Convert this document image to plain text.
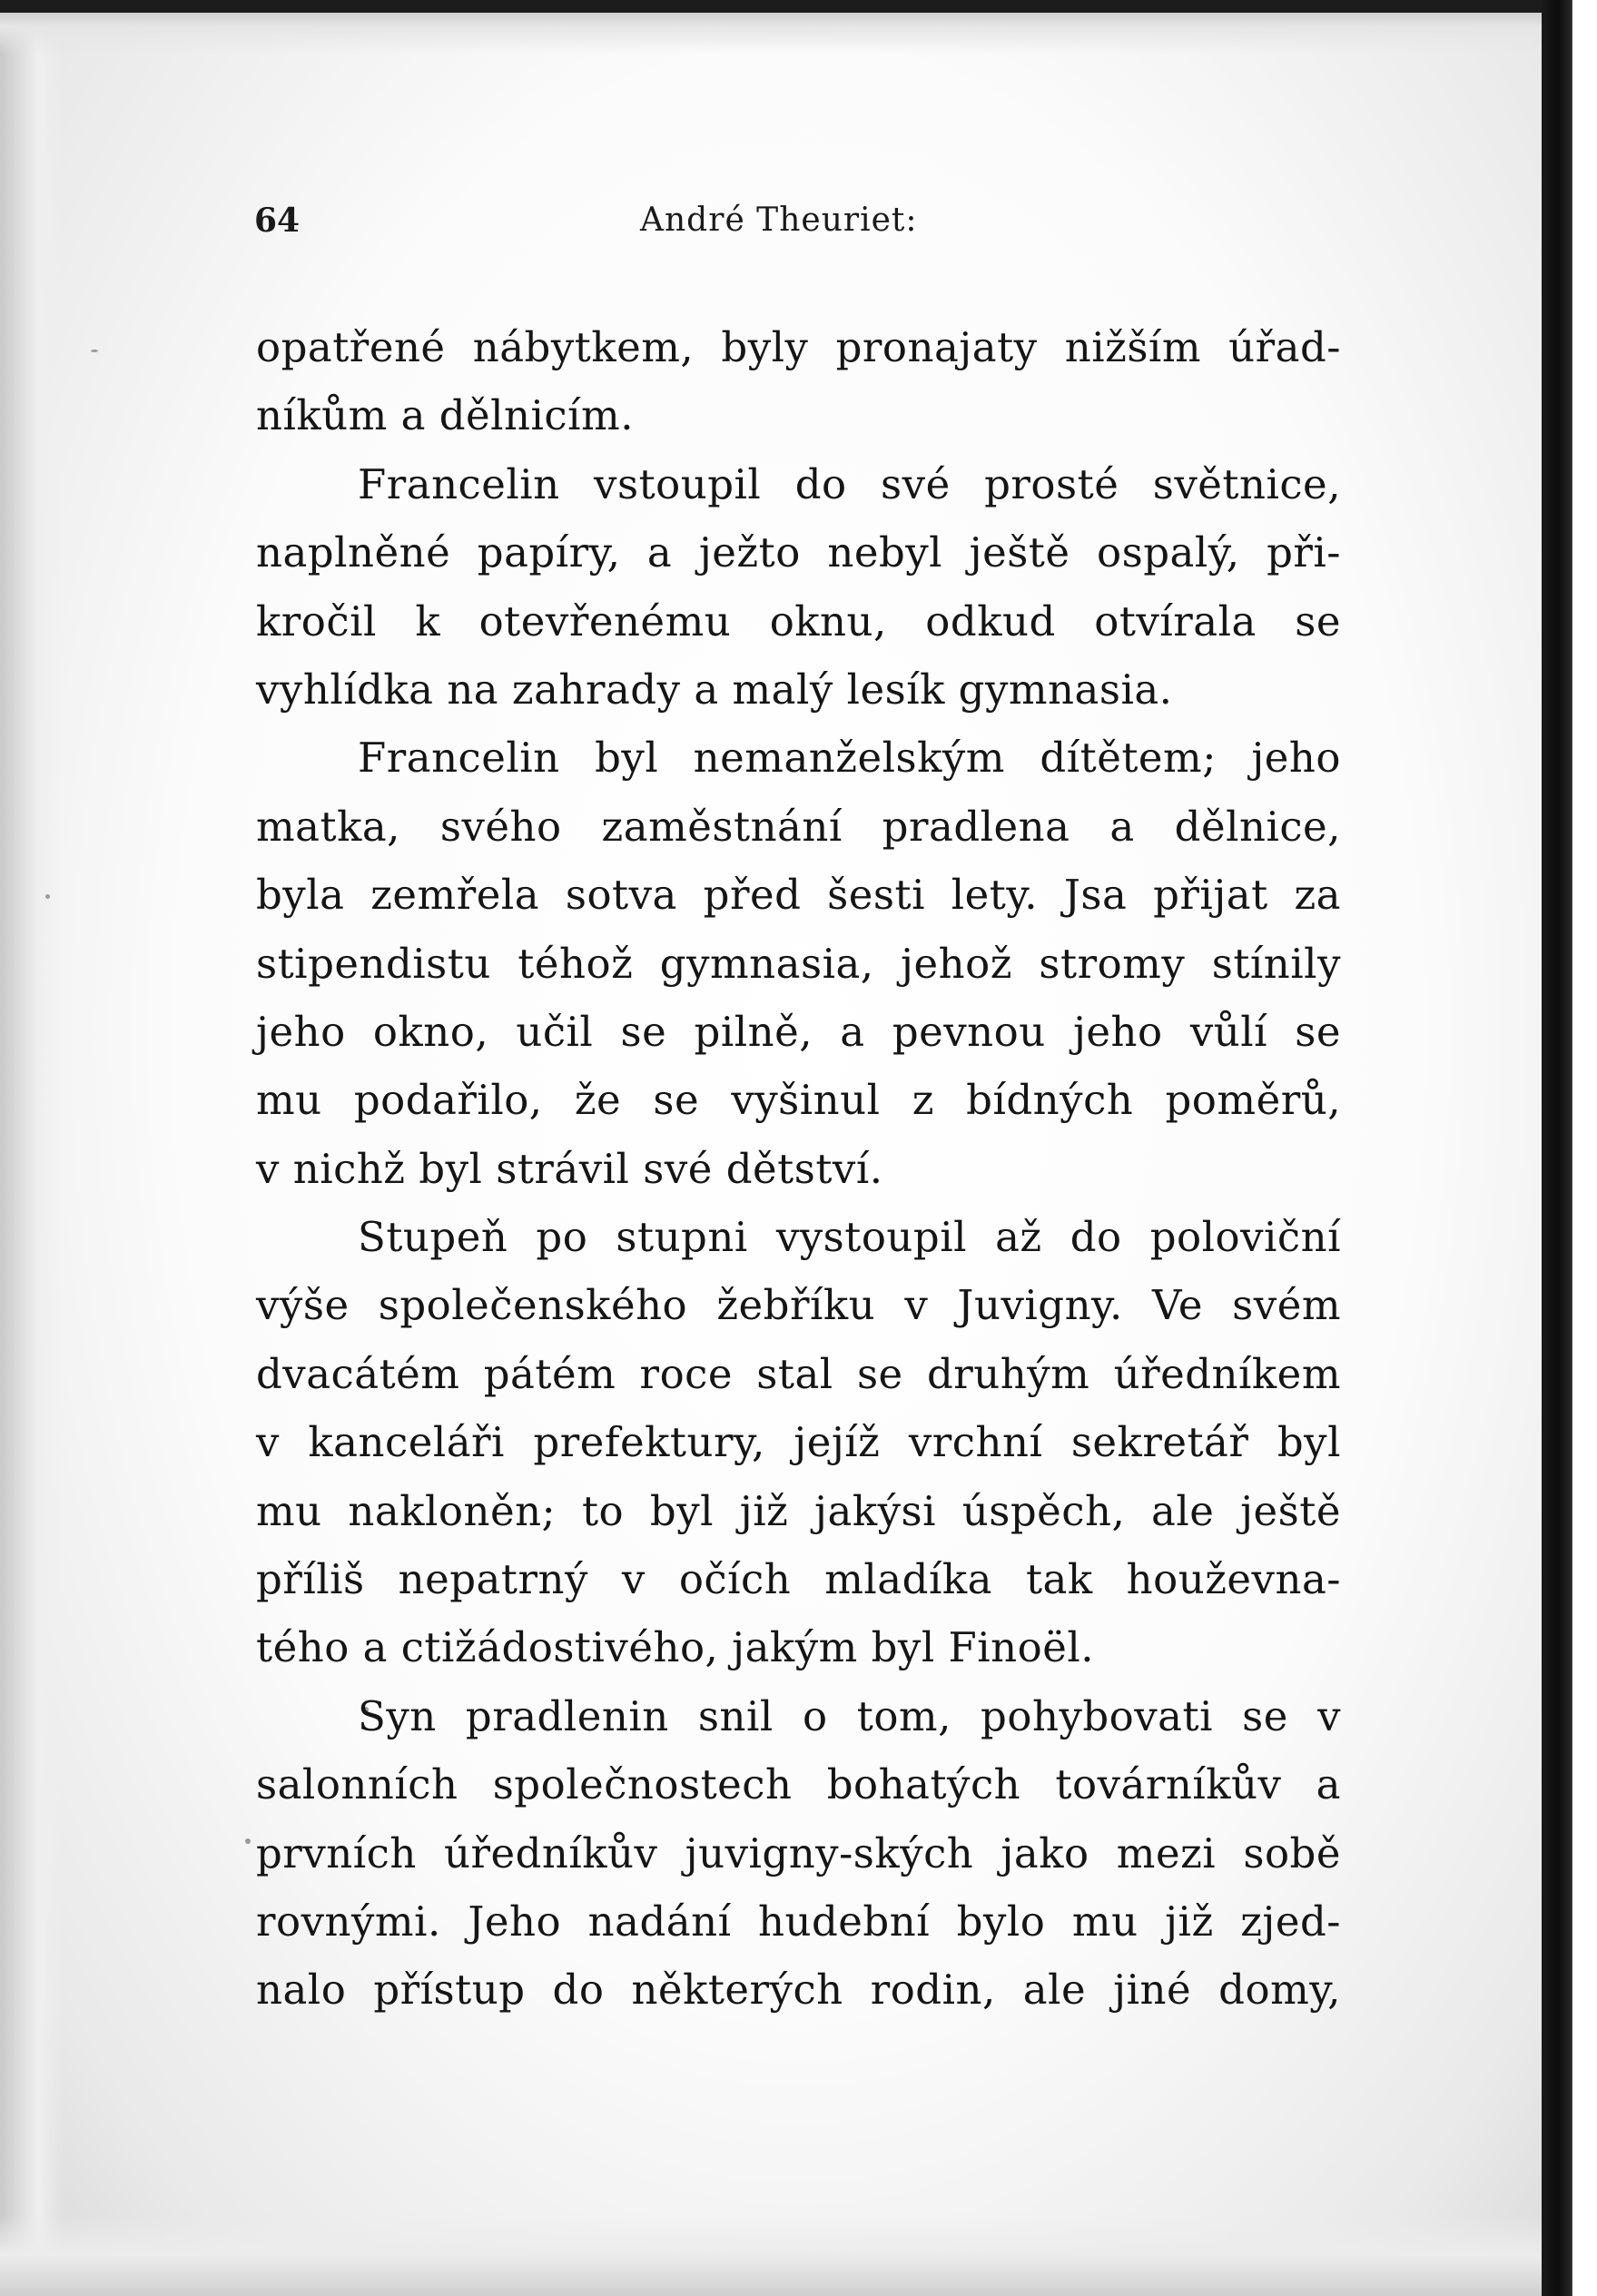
64	André Theuriet:
opatřené nábytkem, byly pronajaty nižším úřad-
níkům a dělnicím.
Francelin vstoupil do své prosté světnice,
naplněné papíry, a ježto nebyl ještě ospalý, při-
kročil k otevřenému oknu, odkud otvírala se
vyhlídka na zahrady a malý lesík gymnasia.
Francelin byl nemanželským dítětem; jeho
matka, svého zaměstnání pradlena a dělnice,
byla zemřela sotva před šesti lety. Jsa přijat za
stipendistu téhož gymnasia, jehož stromy stínily
jeho okno, učil se pilně, a pevnou jeho vůlí se
mu podařilo, že se vyšinul z bídných poměrů,
v nichž byl strávil své dětství.
Stupeň po stupni vystoupil až do poloviční
výše společenského žebříku v Juvigny. Ve svém
dvacátém pátém roce stal se druhým úředníkem
v kanceláři prefektury, jejíž vrchní sekretář byl
mu nakloněn; to byl již jakýsi úspěch, ale ještě
příliš nepatrný v očích mladíka tak houževna-
tého a ctižádostivého, jakým byl Finoël.
Syn pradlenin snil o tom, pohybovati se v
salonních společnostech bohatých továrníkův a
prvních úředníkův juvigny-ských jako mezi sobě
rovnými. Jeho nadání hudební bylo mu již zjed-
nalo přístup do některých rodin, ale jiné domy,
